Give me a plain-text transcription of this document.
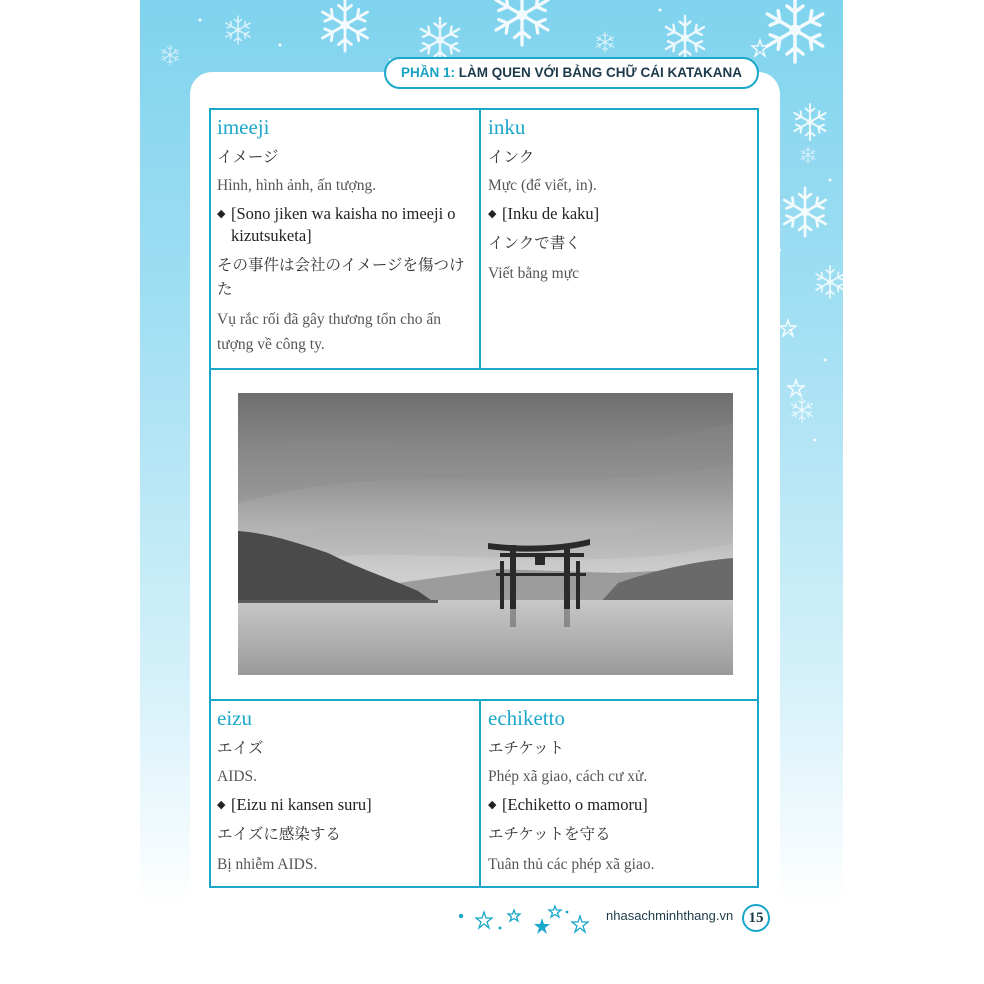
PHẦN 1: LÀM QUEN VỚI BẢNG CHỮ CÁI KATAKANA
imeeji
イメージ
Hình, hình ảnh, ấn tượng.
◆ [Sono jiken wa kaisha no imeeji o kizutsuketa]
その事件は会社のイメージを傷つけた
Vụ rắc rối đã gây thương tổn cho ấn tượng về công ty.
inku
インク
Mực (để viết, in).
◆ [Inku de kaku]
インクで書く
Viết bằng mực
eizu
エイズ
AIDS.
◆ [Eizu ni kansen suru]
エイズに感染する
Bị nhiễm AIDS.
echiketto
エチケット
Phép xã giao, cách cư xử.
◆ [Echiketto o mamoru]
エチケットを守る
Tuân thủ các phép xã giao.
nhasachminhthang.vn	15
